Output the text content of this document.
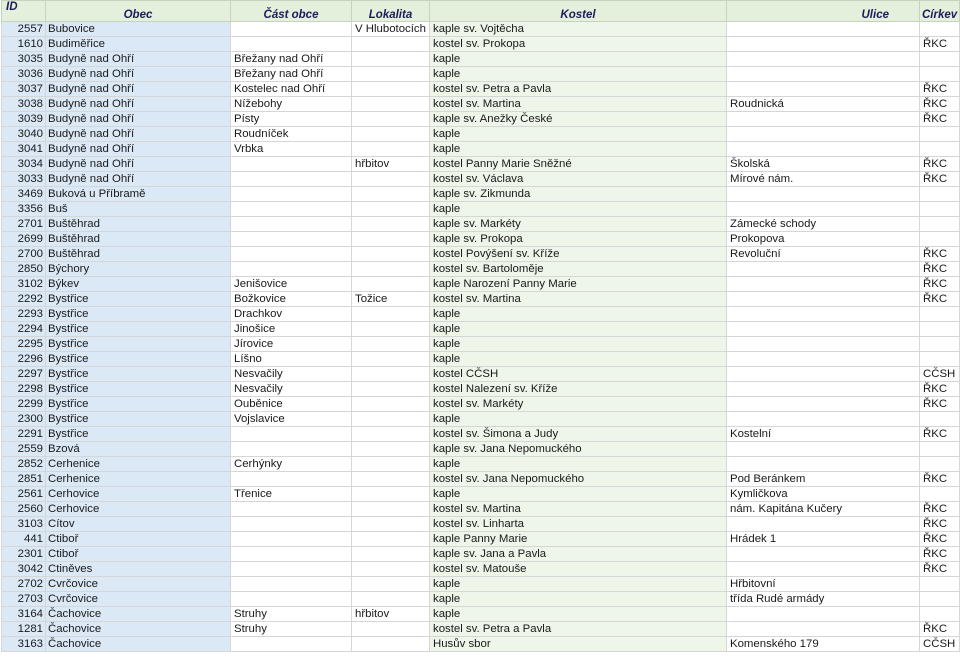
ID	Obec	Část obce	Lokalita	Kostel	Ulice	Církev
2557	Bubovice		V Hlubotocích	kaple sv. Vojtěcha		
1610	Budiměřice			kostel sv. Prokopa		ŘKC
3035	Budyně nad Ohří	Břežany nad Ohří		kaple		
3036	Budyně nad Ohří	Břežany nad Ohří		kaple		
3037	Budyně nad Ohří	Kostelec nad Ohří		kostel sv. Petra a Pavla		ŘKC
3038	Budyně nad Ohří	Nížebohy		kostel sv. Martina	Roudnická	ŘKC
3039	Budyně nad Ohří	Písty		kaple sv. Anežky České		ŘKC
3040	Budyně nad Ohří	Roudníček		kaple		
3041	Budyně nad Ohří	Vrbka		kaple		
3034	Budyně nad Ohří		hřbitov	kostel Panny Marie Sněžné	Školská	ŘKC
3033	Budyně nad Ohří			kostel sv. Václava	Mírové nám.	ŘKC
3469	Buková u Příbramě			kaple sv. Zikmunda		
3356	Buš			kaple		
2701	Buštěhrad			kaple sv. Markéty	Zámecké schody	
2699	Buštěhrad			kaple sv. Prokopa	Prokopova	
2700	Buštěhrad			kostel Povýšení sv. Kříže	Revoluční	ŘKC
2850	Býchory			kostel sv. Bartoloměje		ŘKC
3102	Býkev	Jenišovice		kaple Narození Panny Marie		ŘKC
2292	Bystřice	Božkovice	Tožice	kostel sv. Martina		ŘKC
2293	Bystřice	Drachkov		kaple		
2294	Bystřice	Jinošice		kaple		
2295	Bystřice	Jírovice		kaple		
2296	Bystřice	Líšno		kaple		
2297	Bystřice	Nesvačily		kostel CČSH		CČSH
2298	Bystřice	Nesvačily		kostel Nalezení sv. Kříže		ŘKC
2299	Bystřice	Ouběnice		kostel sv. Markéty		ŘKC
2300	Bystřice	Vojslavice		kaple		
2291	Bystřice			kostel sv. Šimona a Judy	Kostelní	ŘKC
2559	Bzová			kaple sv. Jana Nepomuckého		
2852	Cerhenice	Cerhýnky		kaple		
2851	Cerhenice			kostel sv. Jana Nepomuckého	Pod Beránkem	ŘKC
2561	Cerhovice	Třenice		kaple	Kymličkova	
2560	Cerhovice			kostel sv. Martina	nám. Kapitána Kučery	ŘKC
3103	Cítov			kostel sv. Linharta		ŘKC
441	Ctiboř			kaple Panny Marie	Hrádek 1	ŘKC
2301	Ctiboř			kaple sv. Jana a Pavla		ŘKC
3042	Ctiněves			kostel sv. Matouše		ŘKC
2702	Cvrčovice			kaple	Hřbitovní	
2703	Cvrčovice			kaple	třída Rudé armády	
3164	Čachovice	Struhy	hřbitov	kaple		
1281	Čachovice	Struhy		kostel sv. Petra a Pavla		ŘKC
3163	Čachovice			Husův sbor	Komenského 179	CČSH
